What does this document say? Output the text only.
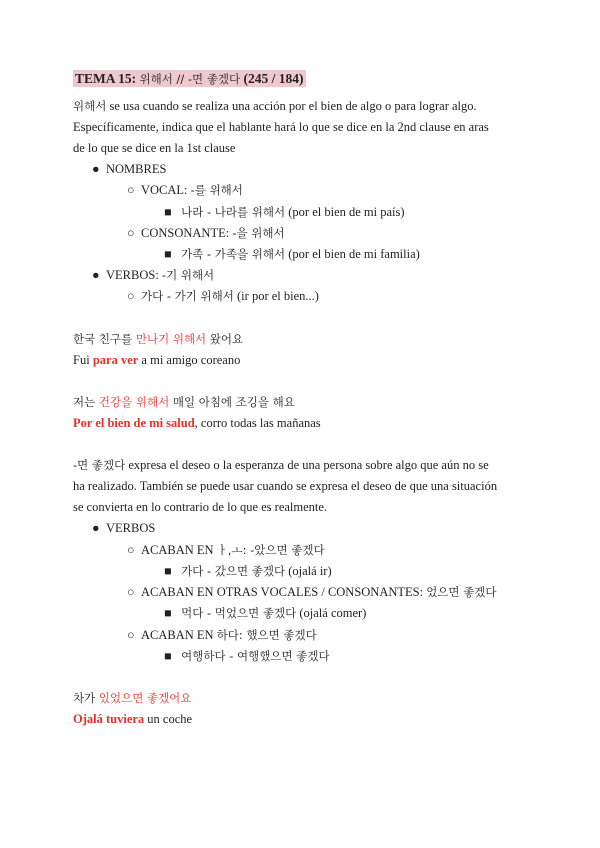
TEMA 15: 위해서 // -면 좋겠다 (245 / 184)
위해서 se usa cuando se realiza una acción por el bien de algo o para lograr algo.
Específicamente, indica que el hablante hará lo que se dice en la 2nd clause en aras
de lo que se dice en la 1st clause
● NOMBRES
○ VOCAL: -를 위해서
■ 나라 - 나라를 위해서 (por el bien de mi país)
○ CONSONANTE: -을 위해서
■ 가족 - 가족을 위해서 (por el bien de mi familia)
● VERBOS: -기 위해서
○ 가다 - 가기 위해서 (ir por el bien...)
한국 친구를 만나기 위해서 왔어요
Fui para ver a mi amigo coreano
저는 건강을 위해서 매일 아침에 조깅을 해요
Por el bien de mi salud, corro todas las mañanas
-면 좋겠다 expresa el deseo o la esperanza de una persona sobre algo que aún no se
ha realizado. También se puede usar cuando se expresa el deseo de que una situación
se convierta en lo contrario de lo que es realmente.
● VERBOS
○ ACABAN EN ㅏ,ㅗ: -았으면 좋겠다
■ 가다 - 갔으면 좋겠다 (ojalá ir)
○ ACABAN EN OTRAS VOCALES / CONSONANTES: 었으면 좋겠다
■ 먹다 - 먹었으면 좋겠다 (ojalá comer)
○ ACABAN EN 하다: 했으면 좋겠다
■ 여행하다 - 여행했으면 좋겠다
차가 있었으면 좋겠어요
Ojalá tuviera un coche
